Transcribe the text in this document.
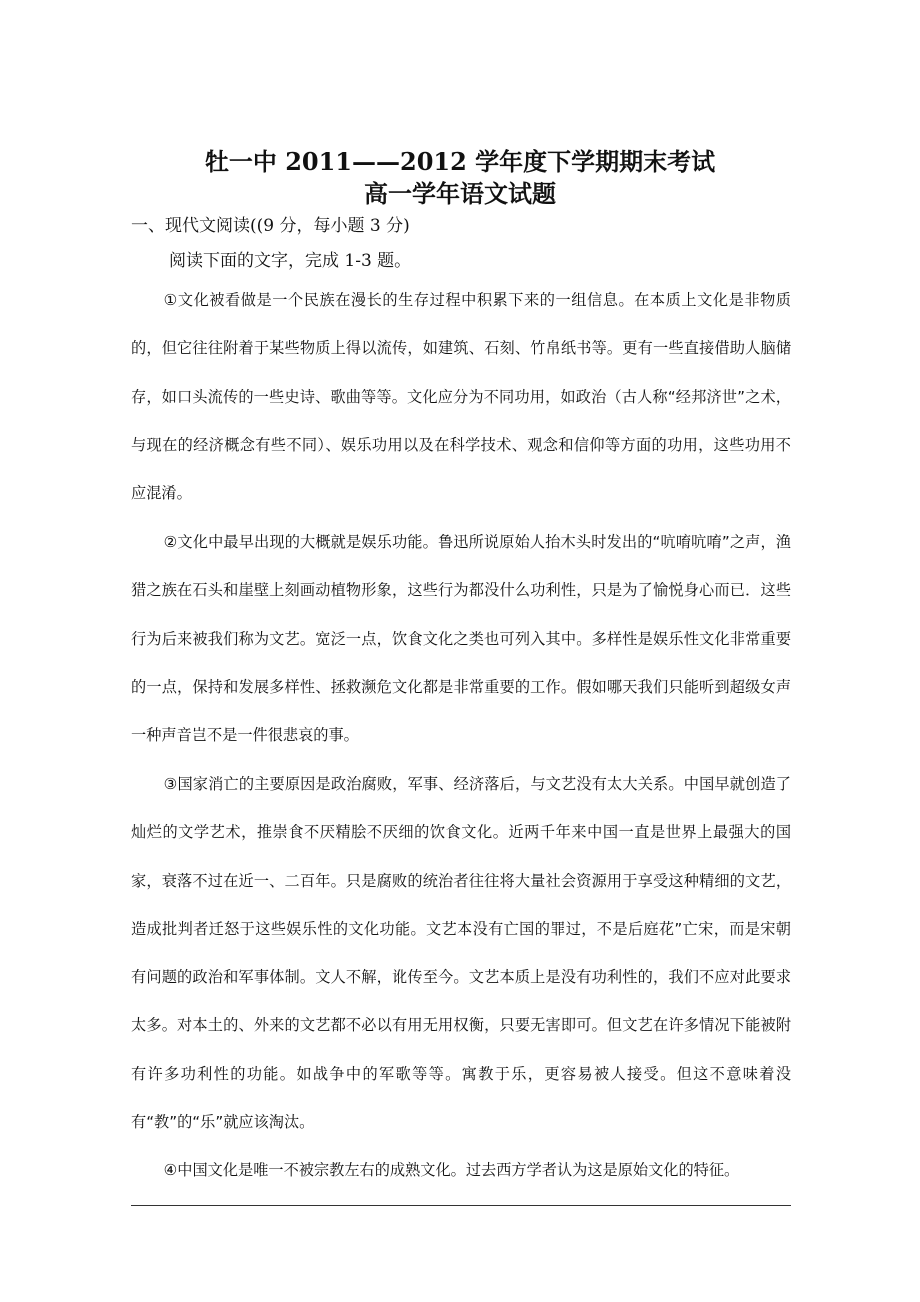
牡一中 2011——2012 学年度下学期期末考试
高一学年语文试题
一、现代文阅读((9 分，每小题 3 分)
阅读下面的文字，完成 1-3 题。

①文化被看做是一个民族在漫长的生存过程中积累下来的一组信息。在本质上文化是非物质的，但它往往附着于某些物质上得以流传，如建筑、石刻、竹帛纸书等。更有一些直接借助人脑储存，如口头流传的一些史诗、歌曲等等。文化应分为不同功用，如政治（古人称“经邦济世”之术，与现在的经济概念有些不同）、娱乐功用以及在科学技术、观念和信仰等方面的功用，这些功用不应混淆。

②文化中最早出现的大概就是娱乐功能。鲁迅所说原始人抬木头时发出的“吭唷吭唷”之声，渔猎之族在石头和崖壁上刻画动植物形象，这些行为都没什么功利性，只是为了愉悦身心而已．这些行为后来被我们称为文艺。宽泛一点，饮食文化之类也可列入其中。多样性是娱乐性文化非常重要的一点，保持和发展多样性、拯救濒危文化都是非常重要的工作。假如哪天我们只能听到超级女声一种声音岂不是一件很悲哀的事。

③国家消亡的主要原因是政治腐败，军事、经济落后，与文艺没有太大关系。中国早就创造了灿烂的文学艺术，推崇食不厌精脍不厌细的饮食文化。近两千年来中国一直是世界上最强大的国家，衰落不过在近一、二百年。只是腐败的统治者往往将大量社会资源用于享受这种精细的文艺，造成批判者迁怒于这些娱乐性的文化功能。文艺本没有亡国的罪过，不是后庭花”亡宋，而是宋朝有问题的政治和军事体制。文人不解，讹传至今。文艺本质上是没有功利性的，我们不应对此要求太多。对本土的、外来的文艺都不必以有用无用权衡，只要无害即可。但文艺在许多情况下能被附有许多功利性的功能。如战争中的军歌等等。寓教于乐，更容易被人接受。但这不意味着没有“教”的“乐”就应该淘汰。

④中国文化是唯一不被宗教左右的成熟文化。过去西方学者认为这是原始文化的特征。
